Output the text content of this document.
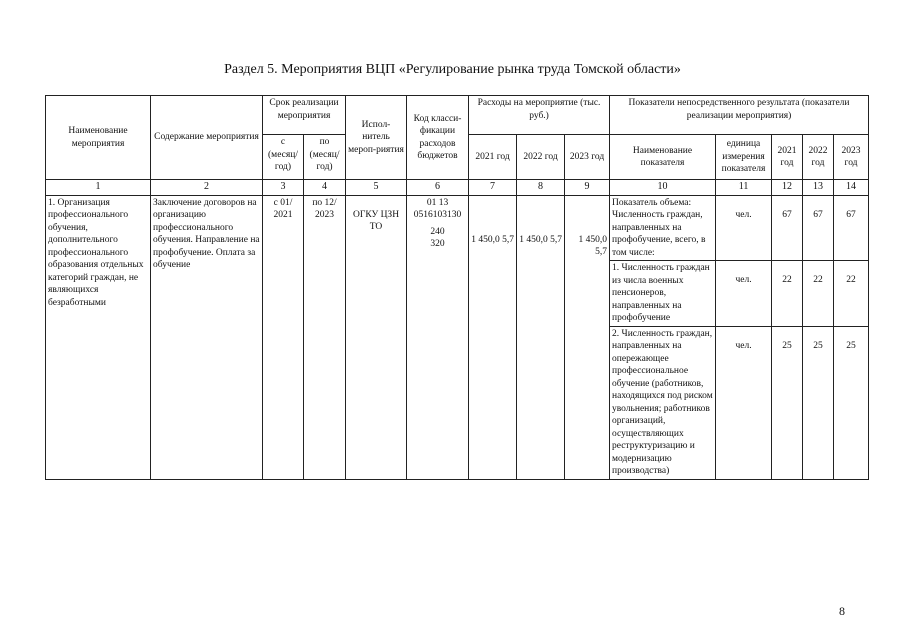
Раздел 5. Мероприятия ВЦП «Регулирование рынка труда Томской области»
Наименование мероприятия	Содержание мероприятия	Срок реализации мероприятия		Испол-нитель мероп-риятия	Код класси-фикации расходов бюджетов	Расходы на мероприятие (тыс. руб.)			Показатели непосредственного результата (показатели реализации мероприятия)				
		с (месяц/ год)	по (месяц/ год)			2021 год	2022 год	2023 год	Наименование показателя	единица измерения показателя	2021 год	2022 год	2023 год
1	2	3	4	5	6	7	8	9	10	11	12	13	14
1. Организация профессионального обучения, дополнительного профессионального образования отдельных категорий граждан, не являющихся безработными	Заключение договоров на организацию профессионального обучения. Направление на профобучение. Оплата за обучение	с 01/ 2021	по 12/ 2023	ОГКУ ЦЗН ТО	01 13
0516103130
240
320	1 450,0 5,7	1 450,0 5,7	1 450,0 5,7	Показатель объема: Численность граждан, направленных на профобучение, всего, в том числе:	чел.	67	67	67
									1. Численность граждан из числа военных пенсионеров, направленных на профобучение	чел.	22	22	22
									2. Численность граждан, направленных на опережающее профессиональное обучение (работников, находящихся под риском увольнения; работников организаций, осуществляющих реструктуризацию и модернизацию производства)	чел.	25	25	25
8
